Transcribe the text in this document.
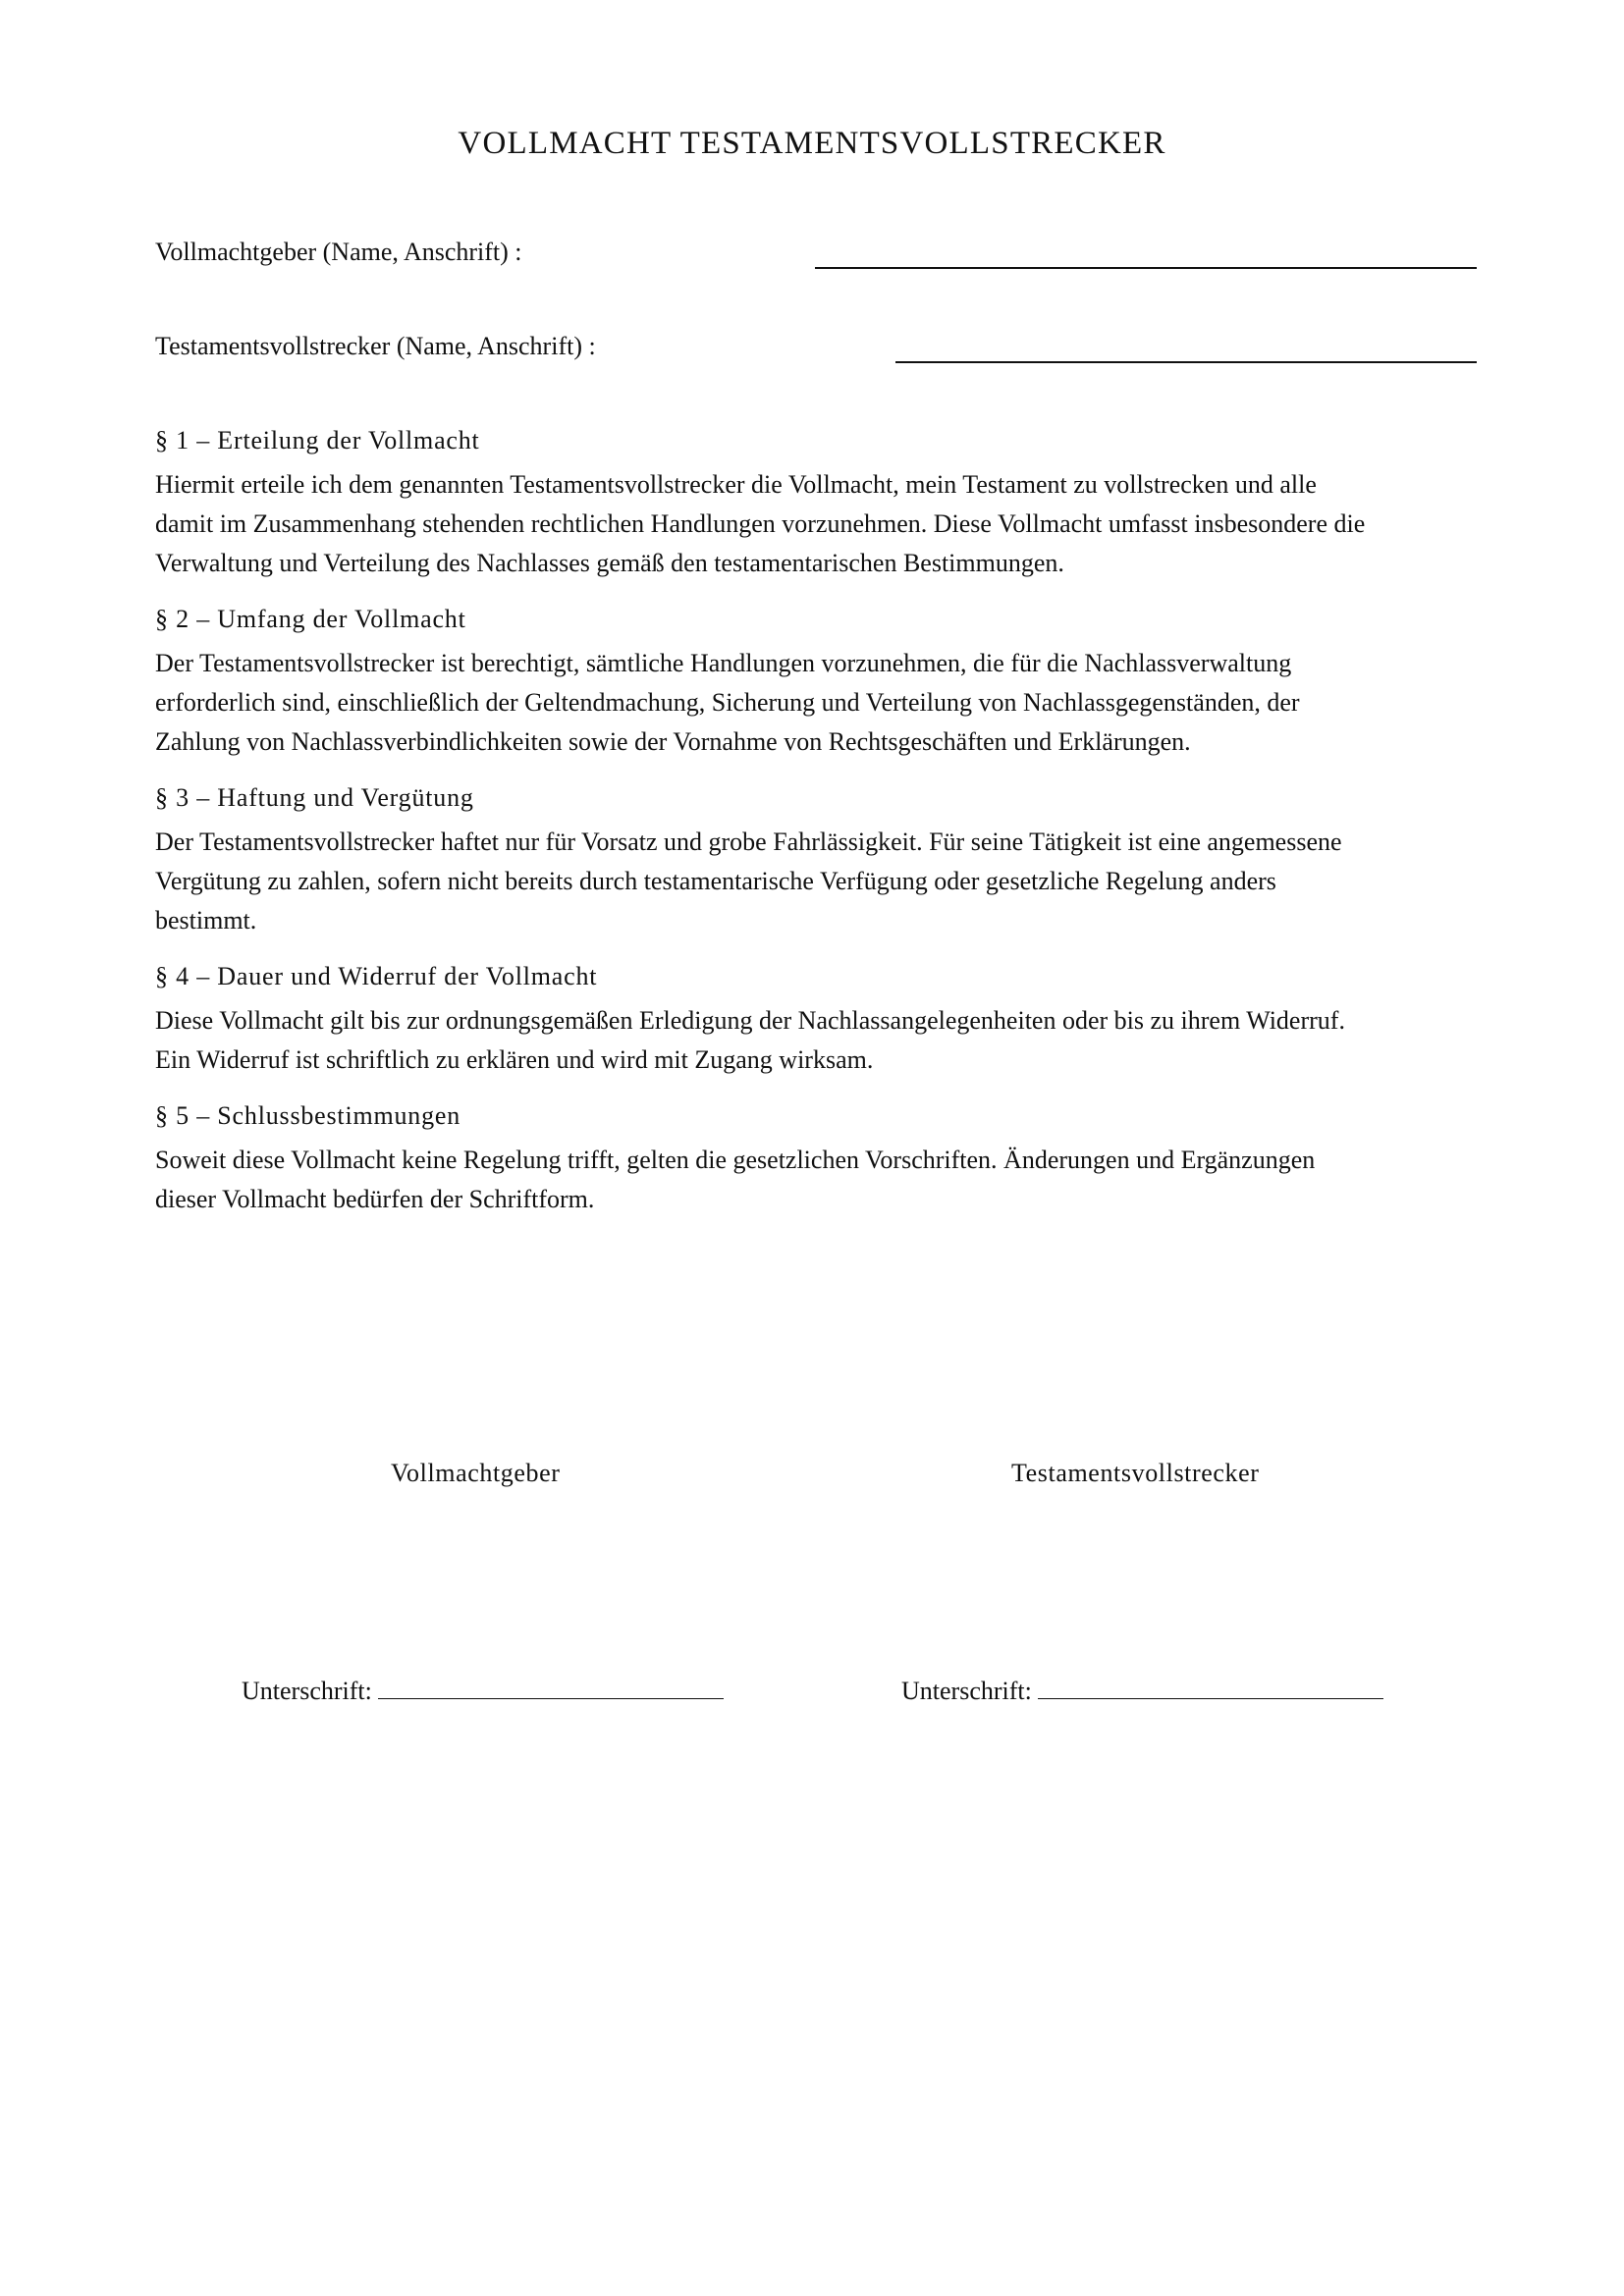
VOLLMACHT TESTAMENTSVOLLSTRECKER
Vollmachtgeber (Name, Anschrift) :
Testamentsvollstrecker (Name, Anschrift) :
§ 1 – Erteilung der Vollmacht

Hiermit erteile ich dem genannten Testamentsvollstrecker die Vollmacht, mein Testament zu vollstrecken und alle
damit im Zusammenhang stehenden rechtlichen Handlungen vorzunehmen. Diese Vollmacht umfasst insbesondere die
Verwaltung und Verteilung des Nachlasses gemäß den testamentarischen Bestimmungen.

§ 2 – Umfang der Vollmacht

Der Testamentsvollstrecker ist berechtigt, sämtliche Handlungen vorzunehmen, die für die Nachlassverwaltung
erforderlich sind, einschließlich der Geltendmachung, Sicherung und Verteilung von Nachlassgegenständen, der
Zahlung von Nachlassverbindlichkeiten sowie der Vornahme von Rechtsgeschäften und Erklärungen.

§ 3 – Haftung und Vergütung

Der Testamentsvollstrecker haftet nur für Vorsatz und grobe Fahrlässigkeit. Für seine Tätigkeit ist eine angemessene
Vergütung zu zahlen, sofern nicht bereits durch testamentarische Verfügung oder gesetzliche Regelung anders
bestimmt.

§ 4 – Dauer und Widerruf der Vollmacht

Diese Vollmacht gilt bis zur ordnungsgemäßen Erledigung der Nachlassangelegenheiten oder bis zu ihrem Widerruf.
Ein Widerruf ist schriftlich zu erklären und wird mit Zugang wirksam.

§ 5 – Schlussbestimmungen

Soweit diese Vollmacht keine Regelung trifft, gelten die gesetzlichen Vorschriften. Änderungen und Ergänzungen
dieser Vollmacht bedürfen der Schriftform.

Vollmachtgeber	Testamentsvollstrecker
Unterschrift:	Unterschrift:
